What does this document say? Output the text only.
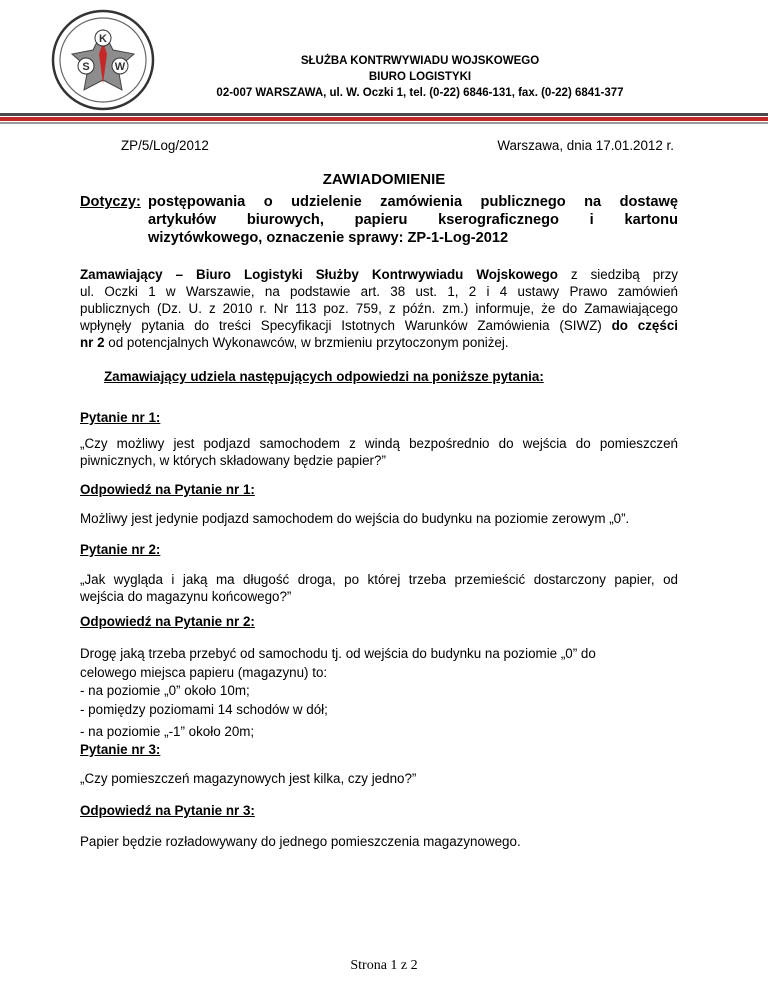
K
S W	SŁUŻBA KONTRWYWIADU WOJSKOWEGO
BIURO LOGISTYKI
02-007 WARSZAWA, ul. W. Oczki 1, tel. (0-22) 6846-131, fax. (0-22) 6841-377
ZP/5/Log/2012	Warszawa, dnia 17.01.2012 r.
ZAWIADOMIENIE
Dotyczy: postępowania o udzielenie zamówienia publicznego na dostawę
artykułów biurowych, papieru kserograficznego i kartonu
wizytówkowego, oznaczenie sprawy: ZP-1-Log-2012
Zamawiający – Biuro Logistyki Służby Kontrwywiadu Wojskowego z siedzibą przy
ul. Oczki 1 w Warszawie, na podstawie art. 38 ust. 1, 2 i 4 ustawy Prawo zamówień
publicznych (Dz. U. z 2010 r. Nr 113 poz. 759, z późn. zm.) informuje, że do Zamawiającego
wpłynęły pytania do treści Specyfikacji Istotnych Warunków Zamówienia (SIWZ) do części
nr 2 od potencjalnych Wykonawców, w brzmieniu przytoczonym poniżej.
Zamawiający udziela następujących odpowiedzi na poniższe pytania:
Pytanie nr 1:
„Czy możliwy jest podjazd samochodem z windą bezpośrednio do wejścia do pomieszczeń
piwnicznych, w których składowany będzie papier?”
Odpowiedź na Pytanie nr 1:
Możliwy jest jedynie podjazd samochodem do wejścia do budynku na poziomie zerowym „0”.
Pytanie nr 2:
„Jak wygląda i jaką ma długość droga, po której trzeba przemieścić dostarczony papier, od
wejścia do magazynu końcowego?”
Odpowiedź na Pytanie nr 2:
Drogę jaką trzeba przebyć od samochodu tj. od wejścia do budynku na poziomie „0” do
celowego miejsca papieru (magazynu) to:
- na poziomie „0” około 10m;
- pomiędzy poziomami 14 schodów w dół;
- na poziomie „-1” około 20m;
Pytanie nr 3:
„Czy pomieszczeń magazynowych jest kilka, czy jedno?”
Odpowiedź na Pytanie nr 3:
Papier będzie rozładowywany do jednego pomieszczenia magazynowego.
Strona 1 z 2
